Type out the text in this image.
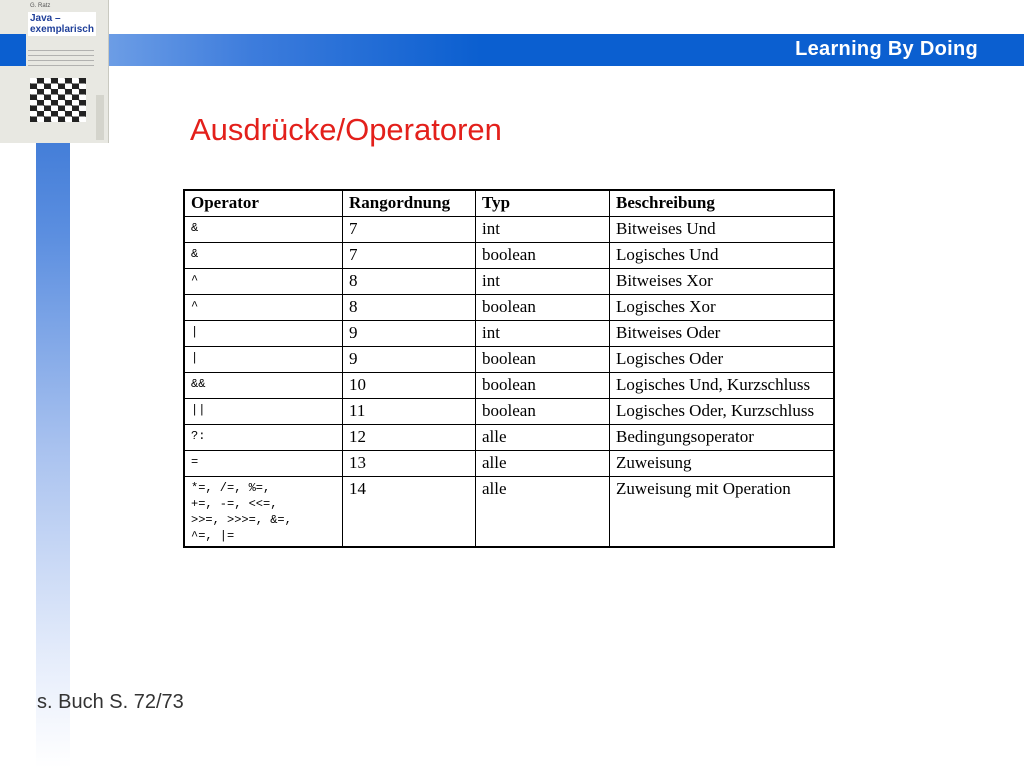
Learning By Doing
G. Ratz
Java –
exemplarisch
Ausdrücke/Operatoren
Operator	Rangordnung	Typ	Beschreibung
&	7	int	Bitweises Und
&	7	boolean	Logisches Und
^	8	int	Bitweises Xor
^	8	boolean	Logisches Xor
|	9	int	Bitweises Oder
|	9	boolean	Logisches Oder
&&	10	boolean	Logisches Und, Kurzschluss
||	11	boolean	Logisches Oder, Kurzschluss
?:	12	alle	Bedingungsoperator
=	13	alle	Zuweisung
*=, /=, %=,
+=, -=, <<=,
>>=, >>>=, &=,
^=, |=	14	alle	Zuweisung mit Operation
s. Buch S. 72/73
